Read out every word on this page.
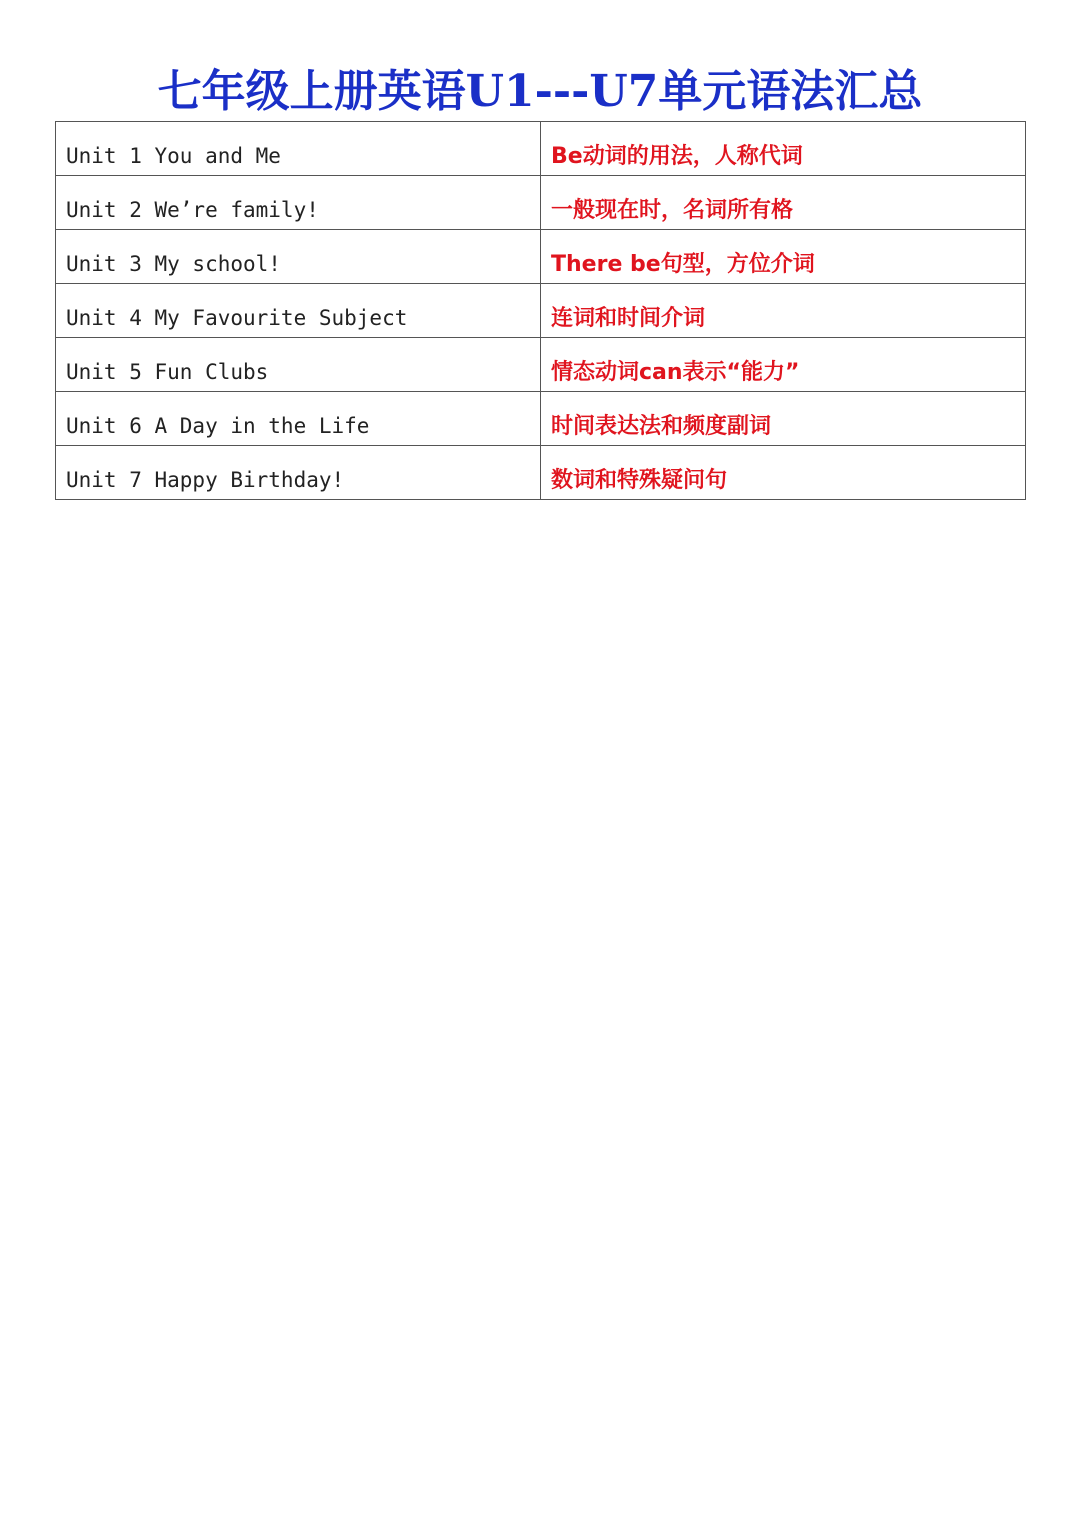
七年级上册英语U1---U7单元语法汇总
Unit 1 You and Me	Be动词的用法，人称代词
Unit 2 We’re family!	一般现在时，名词所有格
Unit 3 My school!	There be句型，方位介词
Unit 4 My Favourite Subject	连词和时间介词
Unit 5 Fun Clubs	情态动词can表示“能力”
Unit 6 A Day in the Life	时间表达法和频度副词
Unit 7 Happy Birthday!	数词和特殊疑问句
